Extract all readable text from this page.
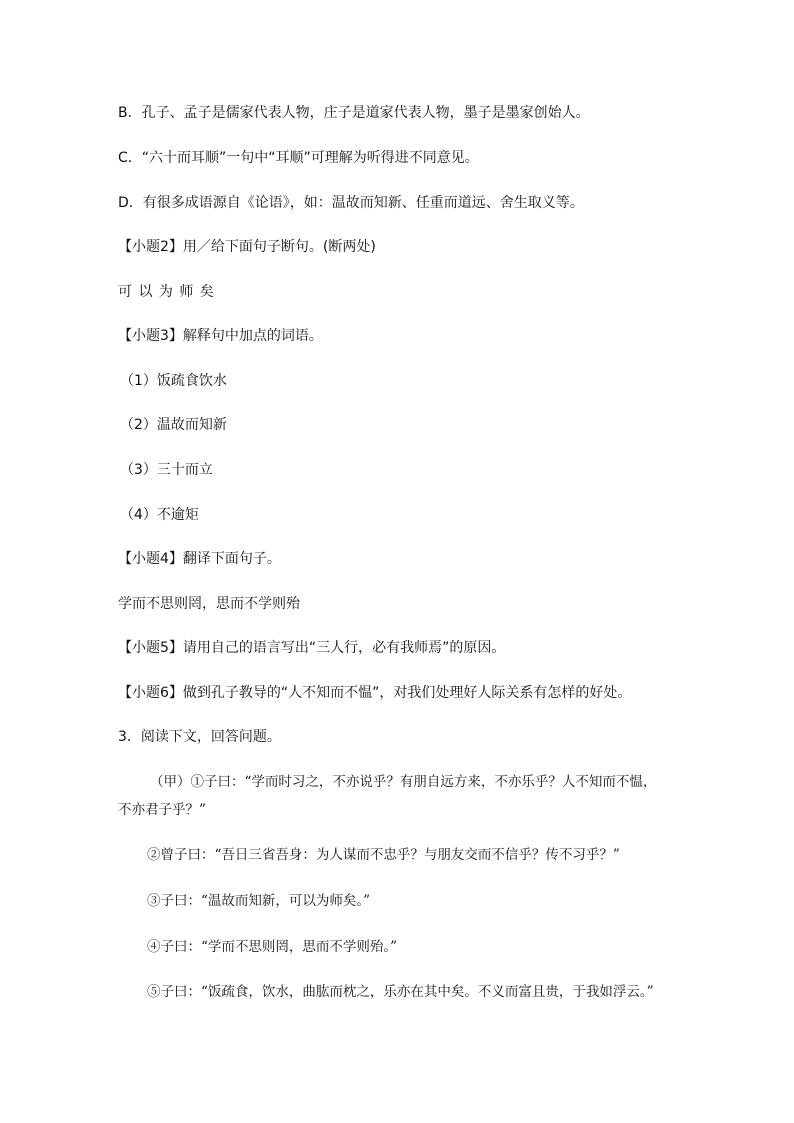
B．孔子、孟子是儒家代表人物，庄子是道家代表人物，墨子是墨家创始人。
C．“六十而耳顺”一句中“耳顺”可理解为听得进不同意见。
D．有很多成语源自《论语》，如：温故而知新、任重而道远、舍生取义等。
【小题2】用／给下面句子断句。(断两处)
可 以 为 师 矣
【小题3】解释句中加点的词语。
（1）饭疏食饮水
（2）温故而知新
（3）三十而立
（4）不逾矩
【小题4】翻译下面句子。
学而不思则罔，思而不学则殆
【小题5】请用自己的语言写出“三人行，必有我师焉”的原因。
【小题6】做到孔子教导的“人不知而不愠”，对我们处理好人际关系有怎样的好处。
3．阅读下文，回答问题。
（甲）①子曰：“学而时习之，不亦说乎？有朋自远方来，不亦乐乎？人不知而不愠，
不亦君子乎？”
②曾子曰：“吾日三省吾身：为人谋而不忠乎？与朋友交而不信乎？传不习乎？”
③子曰：“温故而知新，可以为师矣。”
④子曰：“学而不思则罔，思而不学则殆。”
⑤子曰：“饭疏食，饮水，曲肱而枕之，乐亦在其中矣。不义而富且贵，于我如浮云。”
